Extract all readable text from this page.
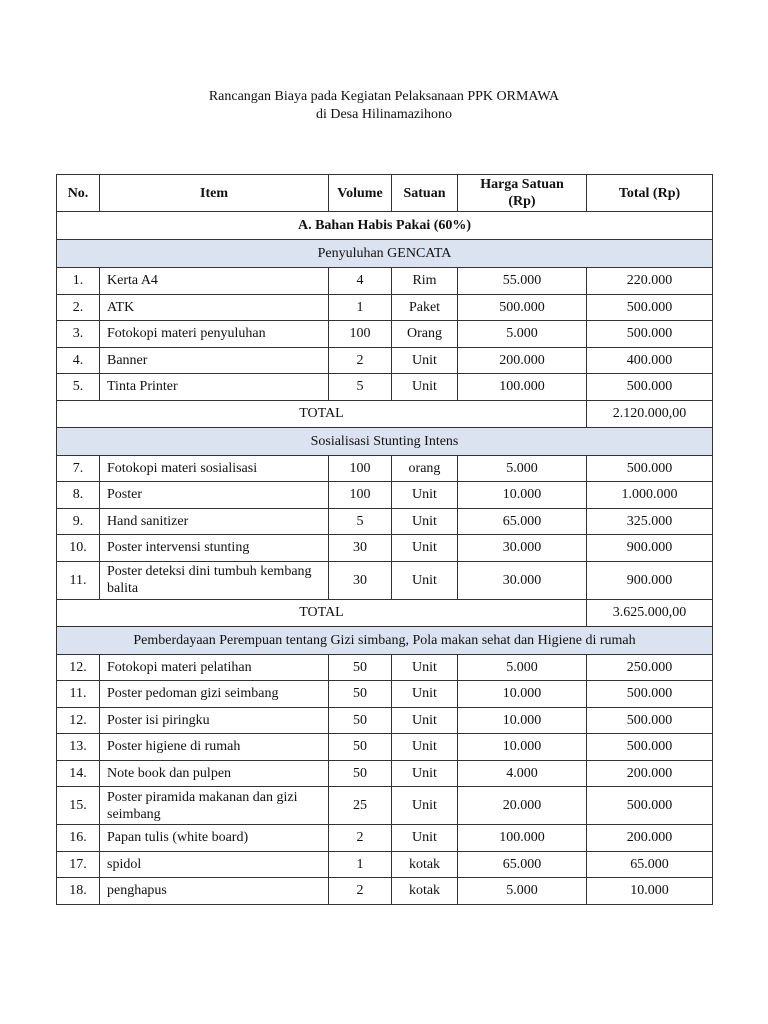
Rancangan Biaya pada Kegiatan Pelaksanaan PPK ORMAWA
di Desa Hilinamazihono
No.	Item	Volume	Satuan	Harga Satuan
(Rp)	Total (Rp)
A. Bahan Habis Pakai (60%)					
Penyuluhan GENCATA					
1.	Kerta A4	4	Rim	55.000	220.000
2.	ATK	1	Paket	500.000	500.000
3.	Fotokopi materi penyuluhan	100	Orang	5.000	500.000
4.	Banner	2	Unit	200.000	400.000
5.	Tinta Printer	5	Unit	100.000	500.000
TOTAL					2.120.000,00
Sosialisasi Stunting Intens					
7.	Fotokopi materi sosialisasi	100	orang	5.000	500.000
8.	Poster	100	Unit	10.000	1.000.000
9.	Hand sanitizer	5	Unit	65.000	325.000
10.	Poster intervensi stunting	30	Unit	30.000	900.000
11.	Poster deteksi dini tumbuh kembang balita	30	Unit	30.000	900.000
TOTAL					3.625.000,00
Pemberdayaan Perempuan tentang Gizi simbang, Pola makan sehat dan Higiene di rumah					
12.	Fotokopi materi pelatihan	50	Unit	5.000	250.000
11.	Poster pedoman gizi seimbang	50	Unit	10.000	500.000
12.	Poster isi piringku	50	Unit	10.000	500.000
13.	Poster higiene di rumah	50	Unit	10.000	500.000
14.	Note book dan pulpen	50	Unit	4.000	200.000
15.	Poster piramida makanan dan gizi seimbang	25	Unit	20.000	500.000
16.	Papan tulis (white board)	2	Unit	100.000	200.000
17.	spidol	1	kotak	65.000	65.000
18.	penghapus	2	kotak	5.000	10.000
